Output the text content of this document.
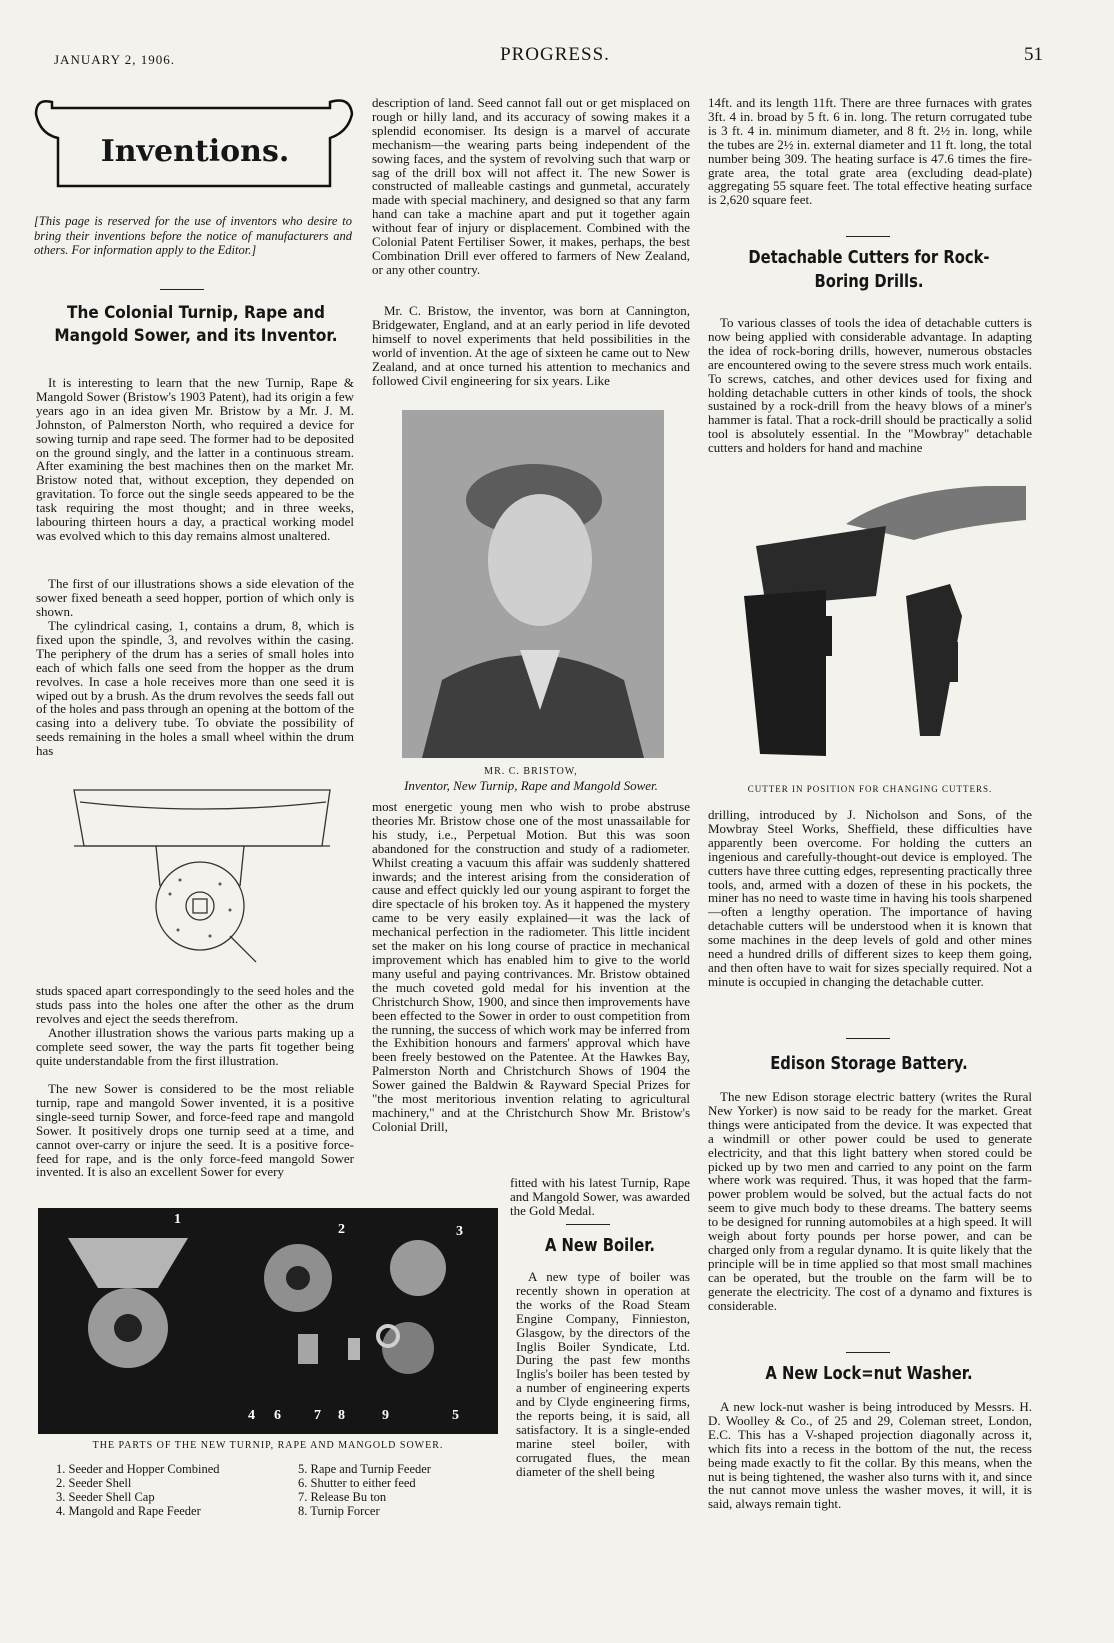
JANUARY 2, 1906.	PROGRESS.	51
Inventions.

[This page is reserved for the use of inventors who desire to bring their inventions before the notice of manufacturers and others. For information apply to the Editor.]

The Colonial Turnip, Rape and Mangold Sower, and its Inventor.

It is interesting to learn that the new Turnip, Rape & Mangold Sower (Bristow's 1903 Patent), had its origin a few years ago in an idea given Mr. Bristow by a Mr. J. M. Johnston, of Palmerston North, who required a device for sowing turnip and rape seed. The former had to be deposited on the ground singly, and the latter in a continuous stream. After examining the best machines then on the market Mr. Bristow noted that, without exception, they depended on gravitation. To force out the single seeds appeared to be the task requiring the most thought; and in three weeks, labouring thirteen hours a day, a practical working model was evolved which to this day remains almost unaltered.

The first of our illustrations shows a side elevation of the sower fixed beneath a seed hopper, portion of which only is shown.

The cylindrical casing, 1, contains a drum, 8, which is fixed upon the spindle, 3, and revolves within the casing. The periphery of the drum has a series of small holes into each of which falls one seed from the hopper as the drum revolves. In case a hole receives more than one seed it is wiped out by a brush. As the drum revolves the seeds fall out of the holes and pass through an opening at the bottom of the casing into a delivery tube. To obviate the possibility of seeds remaining in the holes a small wheel within the drum has

studs spaced apart correspondingly to the seed holes and the studs pass into the holes one after the other as the drum revolves and eject the seeds therefrom.

Another illustration shows the various parts making up a complete seed sower, the way the parts fit together being quite understandable from the first illustration.

The new Sower is considered to be the most reliable turnip, rape and mangold Sower invented, it is a positive single-seed turnip Sower, and force-feed rape and mangold Sower. It positively drops one turnip seed at a time, and cannot over-carry or injure the seed. It is a positive force-feed for rape, and is the only force-feed mangold Sower invented. It is also an excellent Sower for every

description of land. Seed cannot fall out or get misplaced on rough or hilly land, and its accuracy of sowing makes it a splendid economiser. Its design is a marvel of accurate mechanism—the wearing parts being independent of the sowing faces, and the system of revolving such that warp or sag of the drill box will not affect it. The new Sower is constructed of malleable castings and gunmetal, accurately made with special machinery, and designed so that any farm hand can take a machine apart and put it together again without fear of injury or displacement. Combined with the Colonial Patent Fertiliser Sower, it makes, perhaps, the best Combination Drill ever offered to farmers of New Zealand, or any other country.

Mr. C. Bristow, the inventor, was born at Cannington, Bridgewater, England, and at an early period in life devoted himself to novel experiments that held possibilities in the world of invention. At the age of sixteen he came out to New Zealand, and at once turned his attention to mechanics and followed Civil engineering for six years. Like

MR. C. BRISTOW,
Inventor, New Turnip, Rape and Mangold Sower.

most energetic young men who wish to probe abstruse theories Mr. Bristow chose one of the most unassailable for his study, i.e., Perpetual Motion. But this was soon abandoned for the construction and study of a radiometer. Whilst creating a vacuum this affair was suddenly shattered inwards; and the interest arising from the consideration of cause and effect quickly led our young aspirant to forget the dire spectacle of his broken toy. As it happened the mystery came to be very easily explained—it was the lack of mechanical perfection in the radiometer. This little incident set the maker on his long course of practice in mechanical improvement which has enabled him to give to the world many useful and paying contrivances. Mr. Bristow obtained the much coveted gold medal for his invention at the Christchurch Show, 1900, and since then improvements have been effected to the Sower in order to oust competition from the running, the success of which work may be inferred from the Exhibition honours and farmers' approval which have been freely bestowed on the Patentee. At the Hawkes Bay, Palmerston North and Christchurch Shows of 1904 the Sower gained the Baldwin & Rayward Special Prizes for "the most meritorious invention relating to agricultural machinery," and at the Christchurch Show Mr. Bristow's Colonial Drill,

fitted with his latest Turnip, Rape and Mangold Sower, was awarded the Gold Medal.

1
2	3
4 6 7 8	9	5
THE PARTS OF THE NEW TURNIP, RAPE AND MANGOLD SOWER.
1. Seeder and Hopper Combined
2. Seeder Shell
3. Seeder Shell Cap
4. Mangold and Rape Feeder
5. Rape and Turnip Feeder
6. Shutter to either feed
7. Release Bu ton
8. Turnip Forcer
A New Boiler.

A new type of boiler was recently shown in operation at the works of the Road Steam Engine Company, Finnieston, Glasgow, by the directors of the Inglis Boiler Syndicate, Ltd. During the past few months Inglis's boiler has been tested by a number of engineering experts and by Clyde engineering firms, the reports being, it is said, all satisfactory. It is a single-ended marine steel boiler, with corrugated flues, the mean diameter of the shell being

14ft. and its length 11ft. There are three furnaces with grates 3ft. 4 in. broad by 5 ft. 6 in. long. The return corrugated tube is 3 ft. 4 in. minimum diameter, and 8 ft. 2½ in. long, while the tubes are 2½ in. external diameter and 11 ft. long, the total number being 309. The heating surface is 47.6 times the fire-grate area, the total grate area (excluding dead-plate) aggregating 55 square feet. The total effective heating surface is 2,620 square feet.

Detachable Cutters for Rock-Boring Drills.

To various classes of tools the idea of detachable cutters is now being applied with considerable advantage. In adapting the idea of rock-boring drills, however, numerous obstacles are encountered owing to the severe stress much work entails. To screws, catches, and other devices used for fixing and holding detachable cutters in other kinds of tools, the shock sustained by a rock-drill from the heavy blows of a miner's hammer is fatal. That a rock-drill should be practically a solid tool is absolutely essential. In the "Mowbray" detachable cutters and holders for hand and machine

CUTTER IN POSITION FOR CHANGING CUTTERS.

drilling, introduced by J. Nicholson and Sons, of the Mowbray Steel Works, Sheffield, these difficulties have apparently been overcome. For holding the cutters an ingenious and carefully-thought-out device is employed. The cutters have three cutting edges, representing practically three tools, and, armed with a dozen of these in his pockets, the miner has no need to waste time in having his tools sharpened—often a lengthy operation. The importance of having detachable cutters will be understood when it is known that some machines in the deep levels of gold and other mines need a hundred drills of different sizes to keep them going, and then often have to wait for sizes specially required. Not a minute is occupied in changing the detachable cutter.

Edison Storage Battery.

The new Edison storage electric battery (writes the Rural New Yorker) is now said to be ready for the market. Great things were anticipated from the device. It was expected that a windmill or other power could be used to generate electricity, and that this light battery when stored could be picked up by two men and carried to any point on the farm where work was required. Thus, it was hoped that the farm-power problem would be solved, but the actual facts do not seem to give much body to these dreams. The battery seems to be designed for running automobiles at a high speed. It will weigh about forty pounds per horse power, and can be charged only from a regular dynamo. It is quite likely that the principle will be in time applied so that most small machines can be operated, but the trouble on the farm will be to generate the electricity. The cost of a dynamo and fixtures is considerable.

A New Lock=nut Washer.

A new lock-nut washer is being introduced by Messrs. H. D. Woolley & Co., of 25 and 29, Coleman street, London, E.C. This has a V-shaped projection diagonally across it, which fits into a recess in the bottom of the nut, the recess being made exactly to fit the collar. By this means, when the nut is being tightened, the washer also turns with it, and since the nut cannot move unless the washer moves, it will, it is said, always remain tight.
